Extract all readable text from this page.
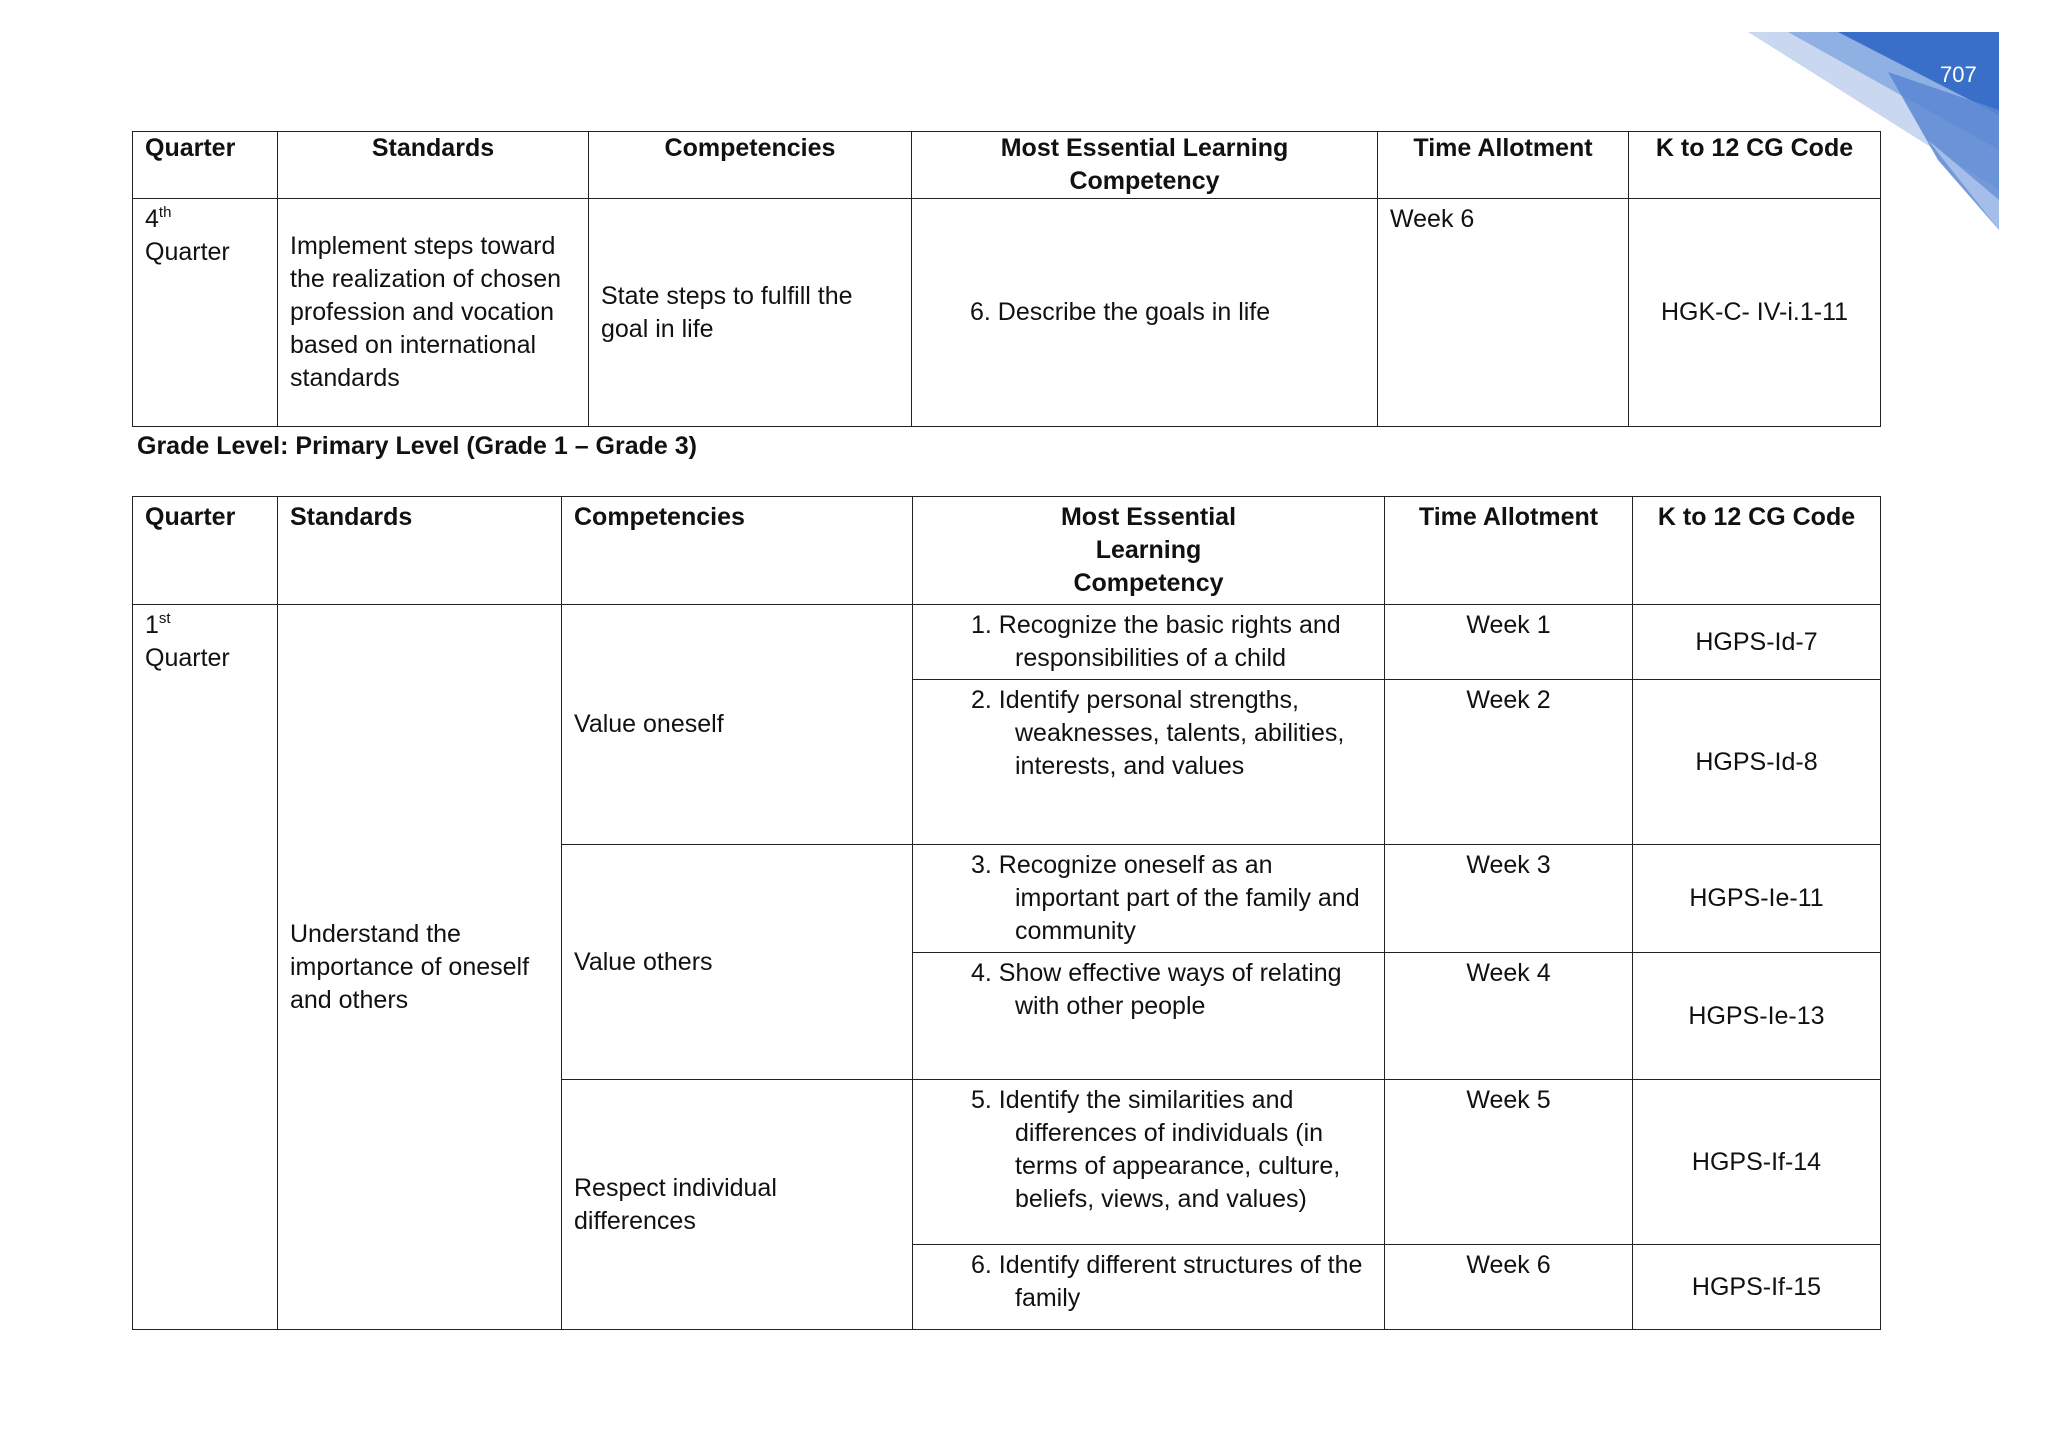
707
Quarter	Standards	Competencies	Most Essential Learning Competency	Time Allotment	K to 12 CG Code
4th
Quarter	Implement steps toward the realization of chosen profession and vocation based on international standards	State steps to fulfill the goal in life	6. Describe the goals in life	Week 6	HGK-C- IV-i.1-11
Grade Level: Primary Level (Grade 1 – Grade 3)
Quarter	Standards	Competencies	Most Essential Learning Competency	Time Allotment	K to 12 CG Code
1st
Quarter	Understand the importance of oneself and others	Value oneself	1. Recognize the basic rights and responsibilities of a child	Week 1	HGPS-Id-7

			2. Identify personal strengths, weaknesses, talents, abilities, interests, and values	Week 2	HGPS-Id-8
		Value others	3. Recognize oneself as an important part of the family and community	Week 3	HGPS-Ie-11

			4. Show effective ways of relating with other people	Week 4	HGPS-Ie-13
		Respect individual differences	5. Identify the similarities and differences of individuals (in terms of appearance, culture, beliefs, views, and values)	Week 5	HGPS-If-14

			6. Identify different structures of the family	Week 6	HGPS-If-15
